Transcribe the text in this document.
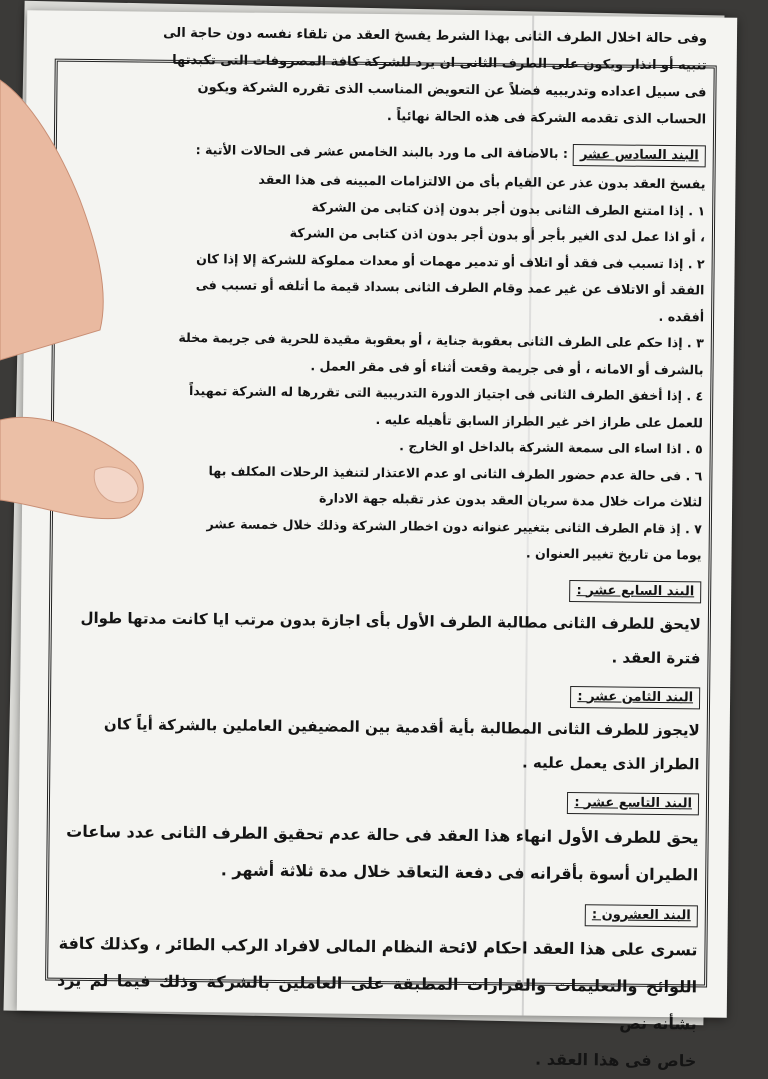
وفى حالة اخلال الطرف الثانى بهذا الشرط يفسخ العقد من تلقاء نفسه دون حاجة الى

تنبيه أو انذار ويكون على الطرف الثانى ان يرد للشركة كافة المصروفات التى تكبدتها

فى سبيل اعداده وتدريبيه فضلاً عن التعويض المناسب الذى تقرره الشركة ويكون

الحساب الذى تقدمه الشركة فى هذه الحالة نهائياً .

البند السادس عشر : بالاضافة الى ما ورد بالبند الخامس عشر فى الحالات الأتية :
يفسخ العقد بدون عذر عن القيام بأى من الالتزامات المبينه فى هذا العقد
١ . إذا امتنع الطرف الثانى بدون أجر بدون إذن كتابى من الشركة
، أو اذا عمل لدى الغير بأجر أو بدون أجر بدون اذن كتابى من الشركة
٢ . إذا تسبب فى فقد أو اتلاف أو تدمير مهمات أو معدات مملوكة للشركة إلا إذا كان
الفقد أو الاتلاف عن غير عمد وقام الطرف الثانى بسداد قيمة ما أتلفه أو تسبب فى
أفقده .
٣ . إذا حكم على الطرف الثانى بعقوبة جناية ، أو بعقوبة مقيدة للحرية فى جريمة مخلة
بالشرف أو الامانه ، أو فى جريمة وقعت أثناء أو فى مقر العمل .
٤ . إذا أخفق الطرف الثانى فى اجتياز الدورة التدريبية التى تقررها له الشركة تمهيداً
للعمل على طراز اخر غير الطراز السابق تأهيله عليه .
٥ . اذا اساء الى سمعة الشركة بالداخل او الخارج .
٦ . فى حالة عدم حضور الطرف الثانى او عدم الاعتذار لتنفيذ الرحلات المكلف بها
لثلاث مرات خلال مدة سريان العقد بدون عذر تقبله جهة الادارة
٧ . إذ قام الطرف الثانى بتغيير عنوانه دون اخطار الشركة وذلك خلال خمسة عشر
يوما من تاريخ تغيير العنوان .
البند السابع عشر :

لايحق للطرف الثانى مطالبة الطرف الأول بأى اجازة بدون مرتب ايا كانت مدتها طوال

فترة العقد .

البند الثامن عشر :

لايجوز للطرف الثانى المطالبة بأية أقدمية بين المضيفين العاملين بالشركة أياً كان

الطراز الذى يعمل عليه .

البند التاسع عشر :

يحق للطرف الأول انهاء هذا العقد فى حالة عدم تحقيق الطرف الثانى عدد ساعات

الطيران أسوة بأقرانه فى دفعة التعاقد خلال مدة ثلاثة أشهر .

البند العشرون :

تسرى على هذا العقد احكام لائحة النظام المالى لافراد الركب الطائر ، وكذلك كافة

اللوائح والتعليمات والقرارات المطبقة على العاملين بالشركة وذلك فيما لم يرد بشأنه نص

خاص فى هذا العقد .
